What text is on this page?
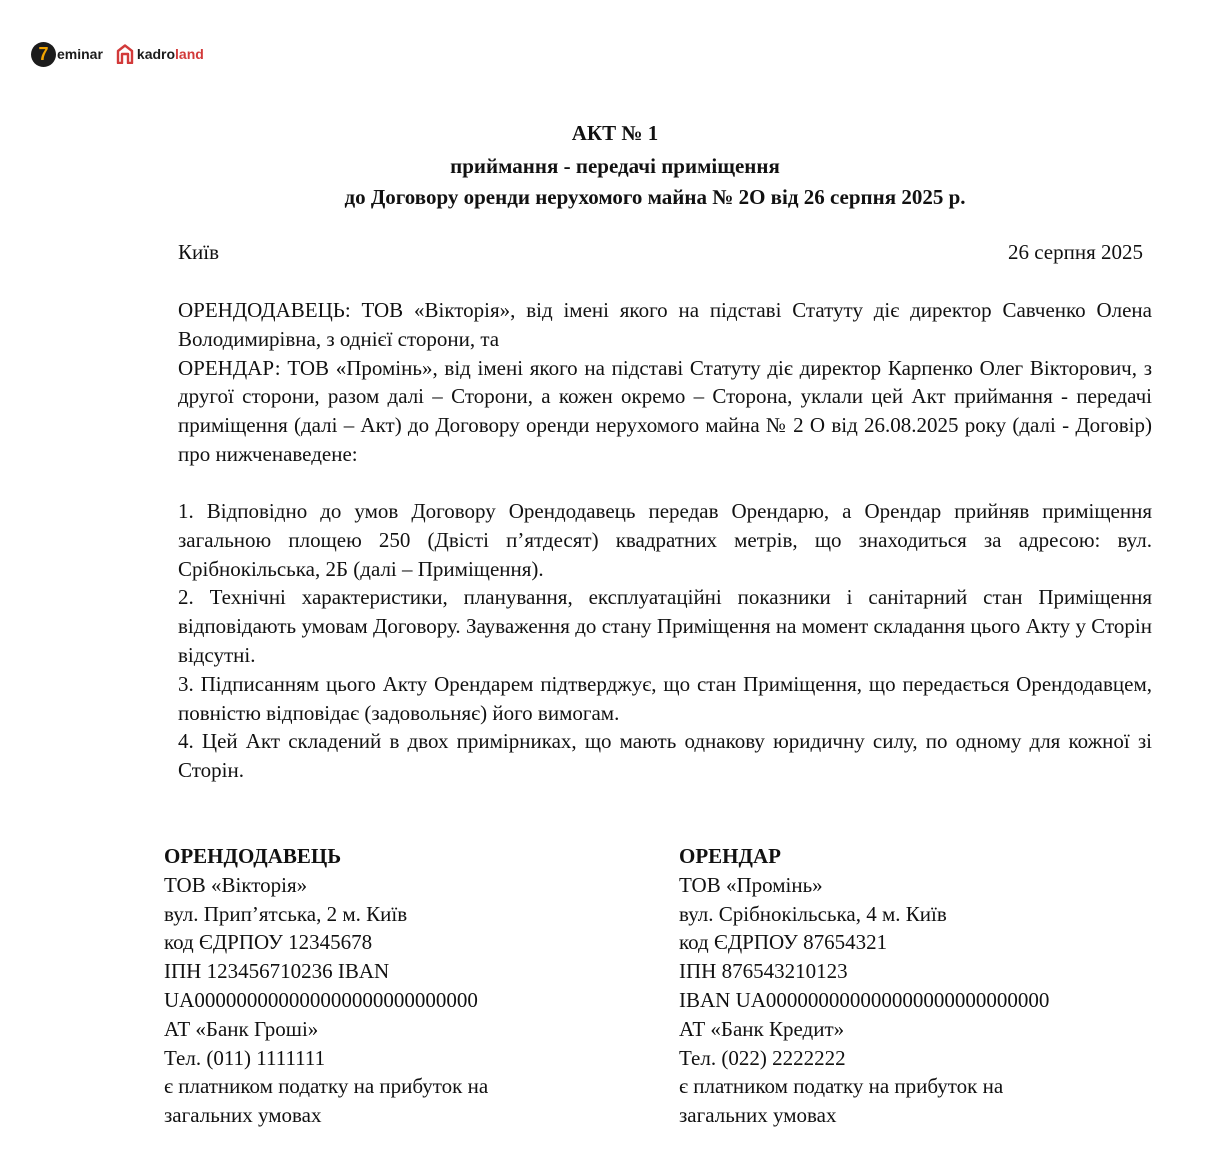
7 eminar kadro land
АКТ № 1
приймання - передачі приміщення
до Договору оренди нерухомого майна № 2О від 26 серпня 2025 р.
Київ	26 серпня 2025

ОРЕНДОДАВЕЦЬ: ТОВ «Вікторія», від імені якого на підставі Статуту діє директор Савченко Олена Володимирівна, з однієї сторони, та

ОРЕНДАР: ТОВ «Промінь», від імені якого на підставі Статуту діє директор Карпенко Олег Вікторович, з другої сторони, разом далі – Сторони, а кожен окремо – Сторона, уклали цей Акт приймання - передачі приміщення (далі – Акт) до Договору оренди нерухомого майна № 2 О від 26.08.2025 року (далі - Договір) про нижченаведене:

1. Відповідно до умов Договору Орендодавець передав Орендарю, а Орендар прийняв приміщення загальною площею 250 (Двісті п’ятдесят) квадратних метрів, що знаходиться за адресою: вул. Срібнокільська, 2Б (далі – Приміщення).

2. Технічні характеристики, планування, експлуатаційні показники і санітарний стан Приміщення відповідають умовам Договору. Зауваження до стану Приміщення на момент складання цього Акту у Сторін відсутні.

3. Підписанням цього Акту Орендарем підтверджує, що стан Приміщення, що передається Орендодавцем, повністю відповідає (задовольняє) його вимогам.

4. Цей Акт складений в двох примірниках, що мають однакову юридичну силу, по одному для кожної зі Сторін.

ОРЕНДОДАВЕЦЬ
ТОВ «Вікторія»
вул. Прип’ятська, 2 м. Київ
код ЄДРПОУ 12345678
ІПН 123456710236 IBAN
UA000000000000000000000000000
АТ «Банк Гроші»
Тел. (011) 1111111
є платником податку на прибуток на
загальних умовах
ОРЕНДАР
ТОВ «Промінь»
вул. Срібнокільська, 4 м. Київ
код ЄДРПОУ 87654321
ІПН 876543210123
IBAN UA000000000000000000000000000
АТ «Банк Кредит»
Тел. (022) 2222222
є платником податку на прибуток на
загальних умовах
